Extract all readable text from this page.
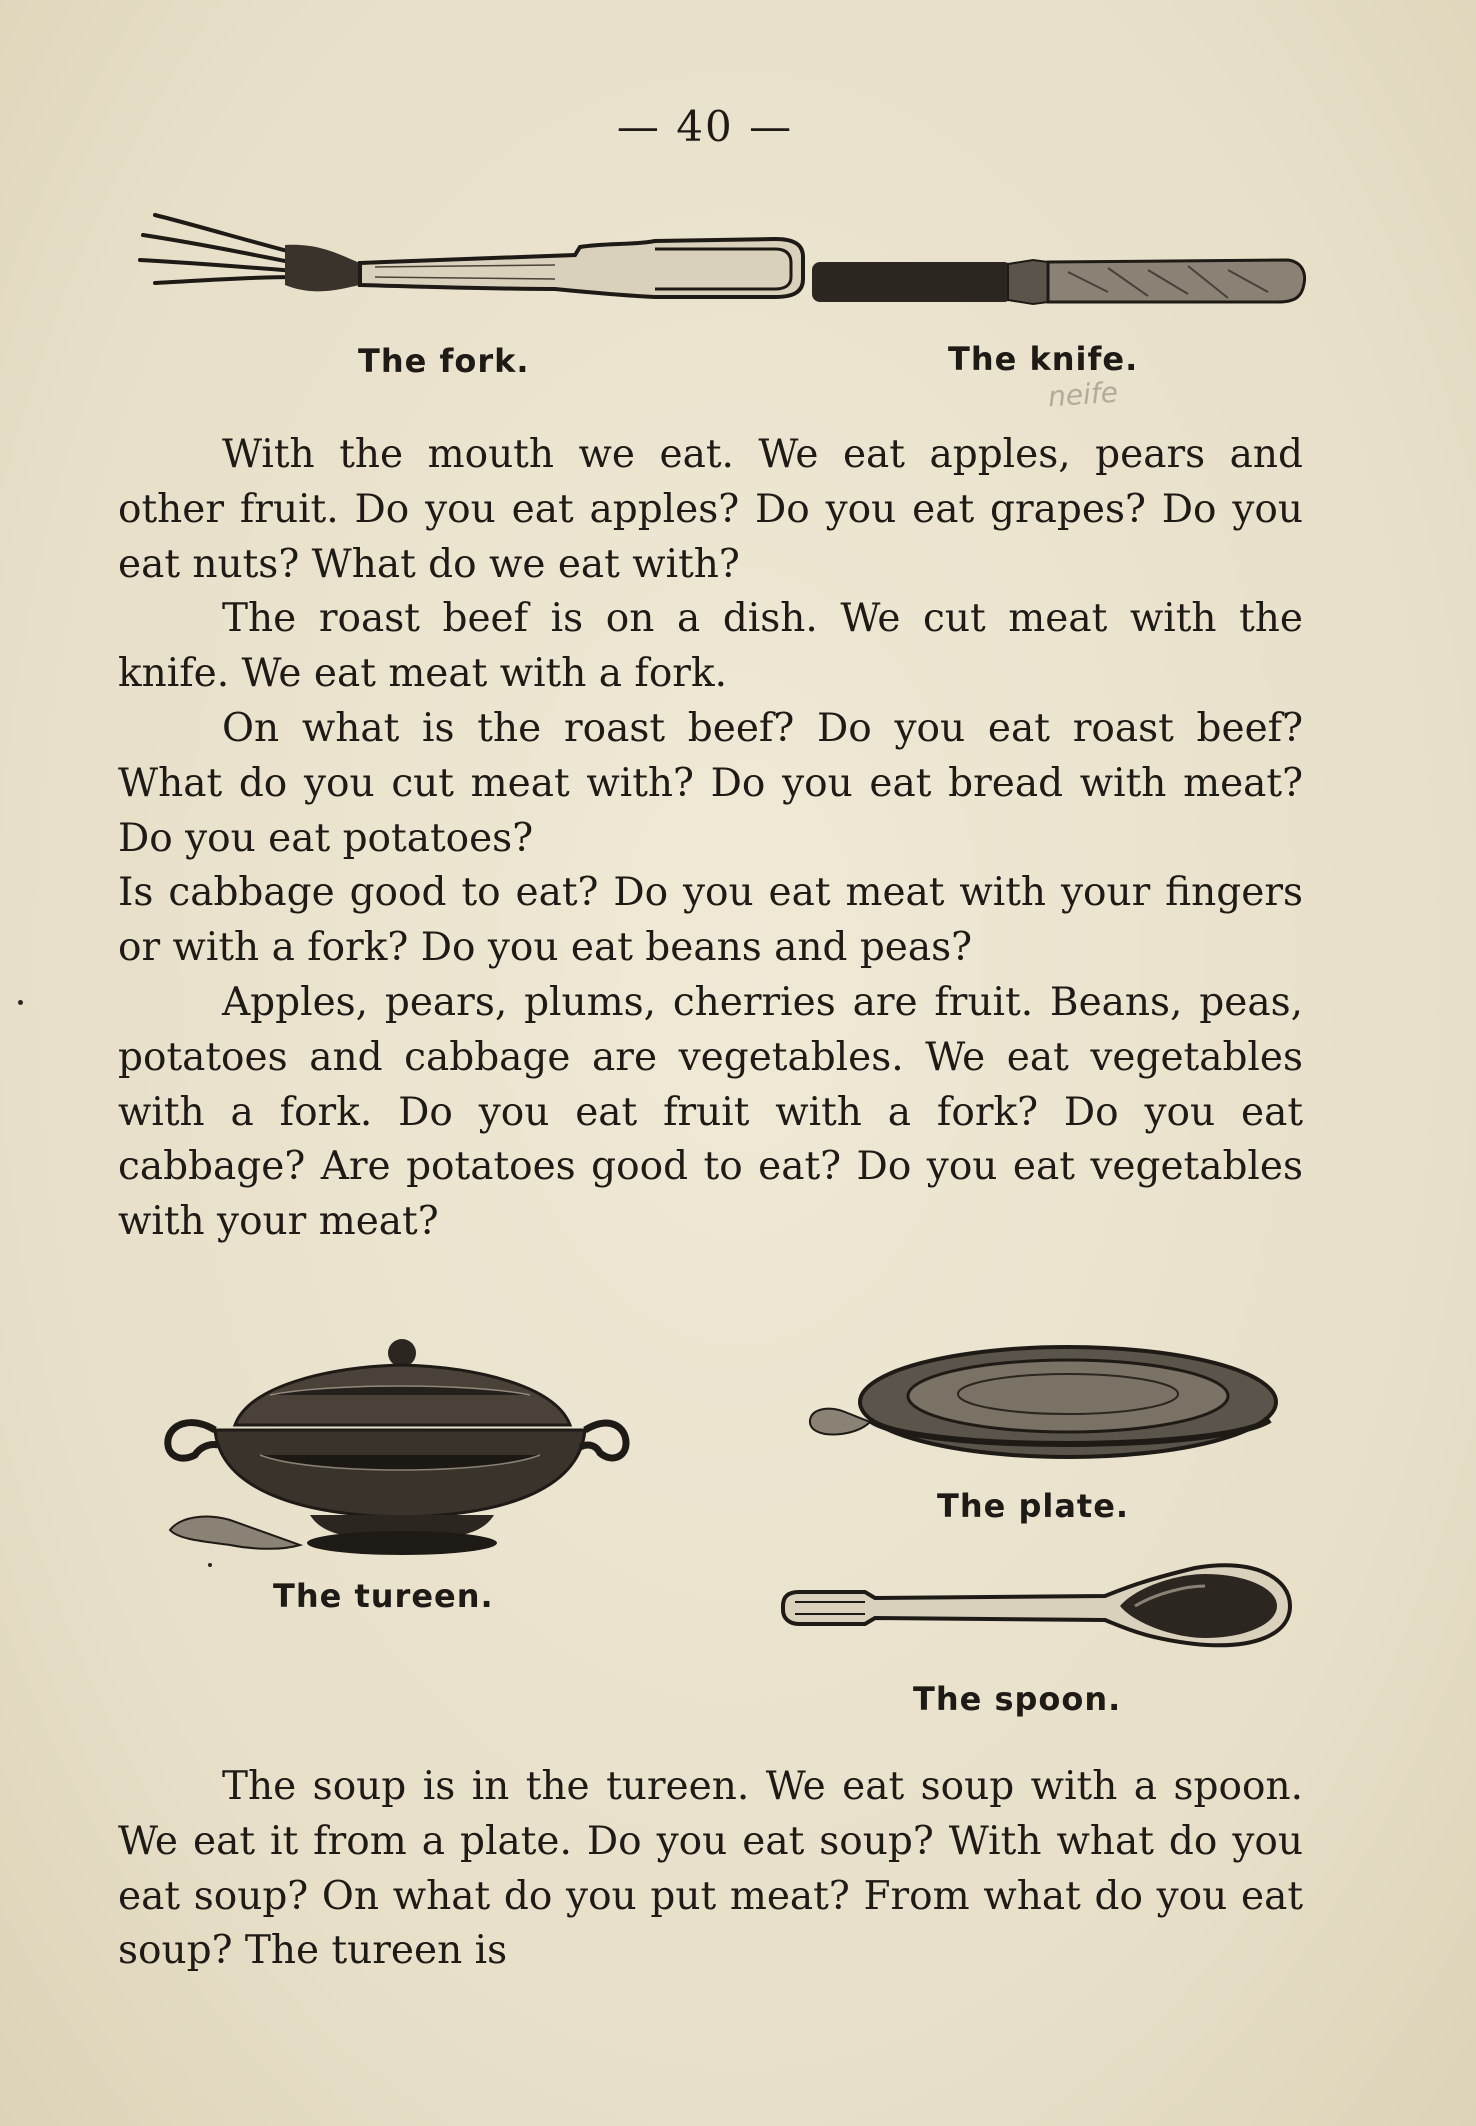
— 40 —
The fork.	The knife.
neife

With the mouth we eat. We eat apples, pears and other fruit. Do you eat apples? Do you eat grapes? Do you eat nuts? What do we eat with?

The roast beef is on a dish. We cut meat with the knife. We eat meat with a fork.

On what is the roast beef? Do you eat roast beef? What do you cut meat with? Do you eat bread with meat? Do you eat potatoes?

Is cabbage good to eat? Do you eat meat with your fingers or with a fork? Do you eat beans and peas?

Apples, pears, plums, cherries are fruit. Beans, peas, potatoes and cabbage are vegetables. We eat vegetables with a fork. Do you eat fruit with a fork? Do you eat cabbage? Are potatoes good to eat? Do you eat vegetables with your meat?

The tureen.
The plate.
The spoon.

The soup is in the tureen. We eat soup with a spoon. We eat it from a plate. Do you eat soup? With what do you eat soup? On what do you put meat? From what do you eat soup? The tureen is
